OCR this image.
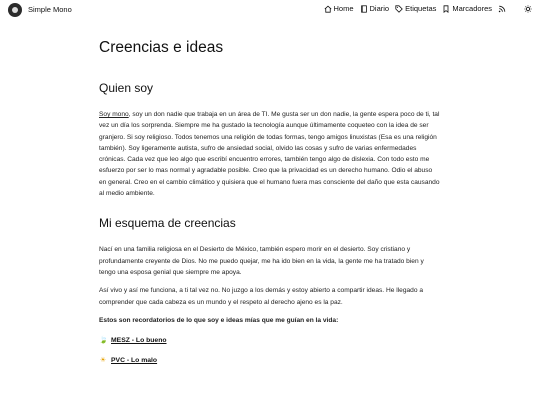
Simple Mono	Home Diario Etiquetas Marcadores
Creencias e ideas
Quien soy

Soy mono, soy un don nadie que trabaja en un área de TI. Me gusta ser un don nadie, la gente espera poco de ti, tal vez un día los sorprenda. Siempre me ha gustado la tecnología aunque últimamente coqueteo con la idea de ser granjero. Si soy religioso. Todos tenemos una religión de todas formas, tengo amigos linuxistas (Esa es una religión también). Soy ligeramente autista, sufro de ansiedad social, olvido las cosas y sufro de varias enfermedades crónicas. Cada vez que leo algo que escribí encuentro errores, también tengo algo de dislexia. Con todo esto me esfuerzo por ser lo mas normal y agradable posible. Creo que la privacidad es un derecho humano. Odio el abuso en general. Creo en el cambio climático y quisiera que el humano fuera mas consciente del daño que esta causando al medio ambiente.

Mi esquema de creencias

Nací en una familia religiosa en el Desierto de México, también espero morir en el desierto. Soy cristiano y profundamente creyente de Dios. No me puedo quejar, me ha ido bien en la vida, la gente me ha tratado bien y tengo una esposa genial que siempre me apoya.

Así vivo y así me funciona, a ti tal vez no. No juzgo a los demás y estoy abierto a compartir ideas. He llegado a comprender que cada cabeza es un mundo y el respeto al derecho ajeno es la paz.

Estos son recordatorios de lo que soy e ideas mías que me guían en la vida:

🍃 MESZ - Lo bueno
☀ PVC - Lo malo
